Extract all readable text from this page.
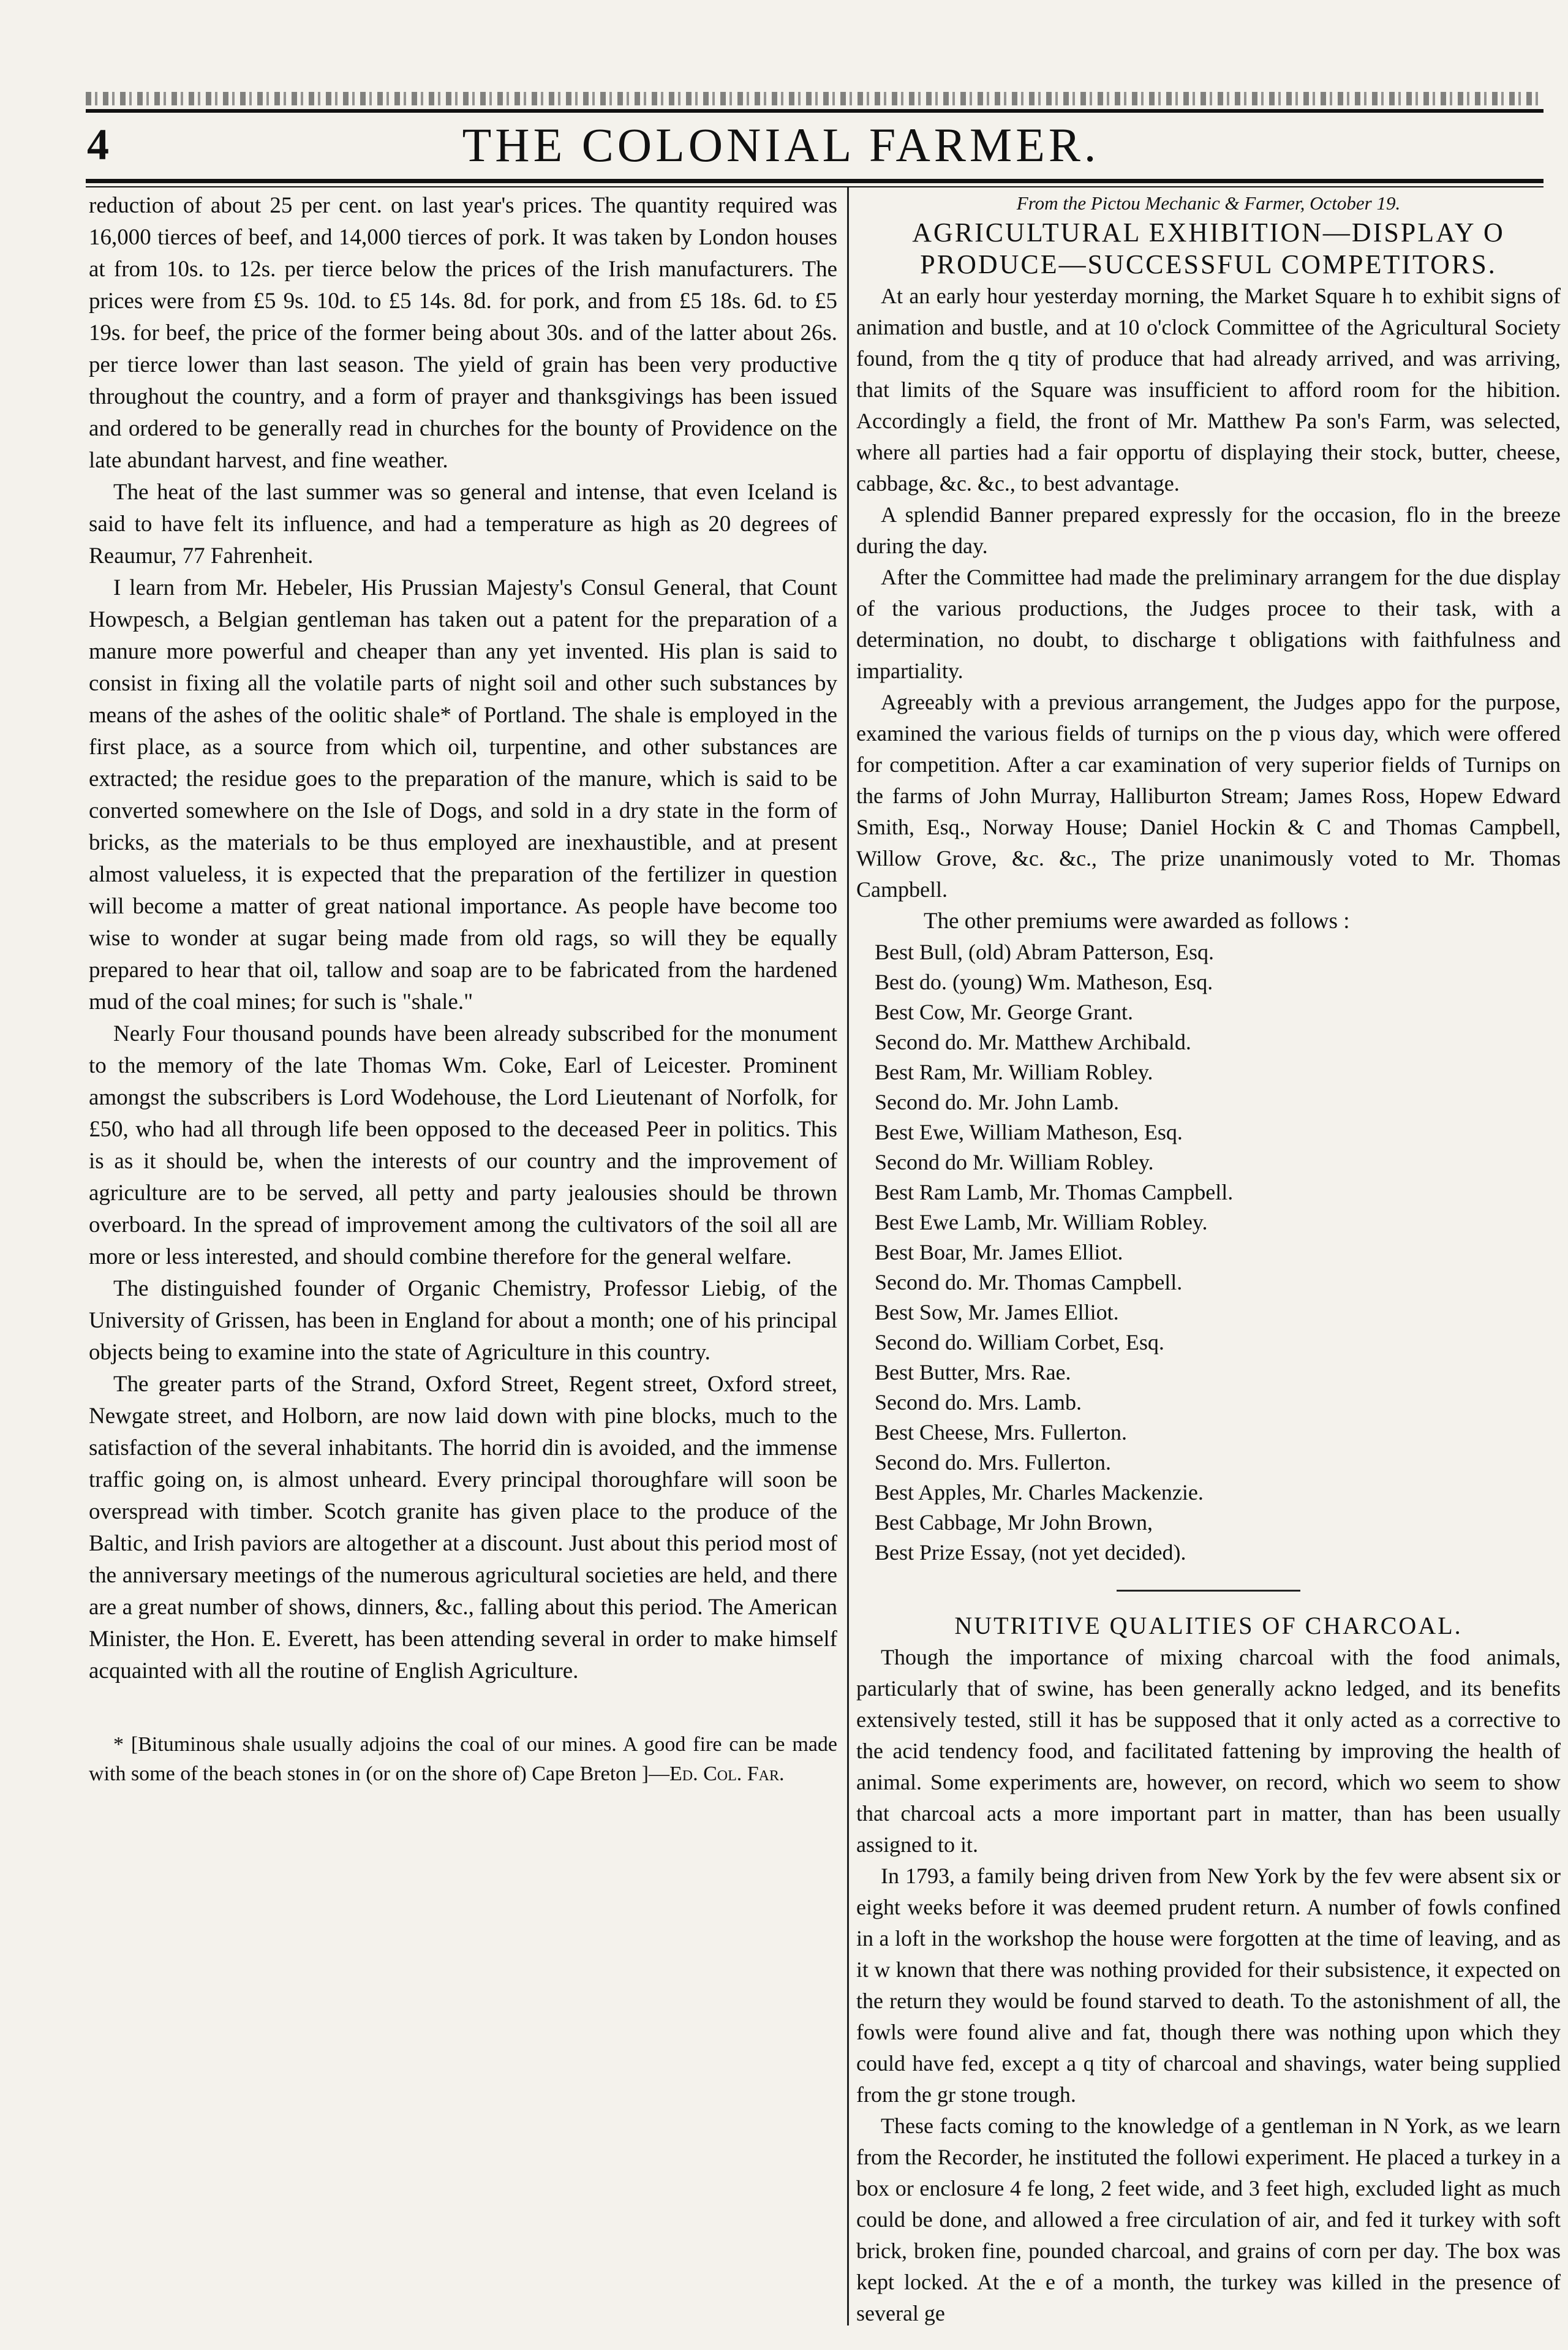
4	THE COLONIAL FARMER.

reduction of about 25 per cent. on last year's prices. The quantity required was 16,000 tierces of beef, and 14,000 tierces of pork. It was taken by London houses at from 10s. to 12s. per tierce below the prices of the Irish manufacturers. The prices were from £5 9s. 10d. to £5 14s. 8d. for pork, and from £5 18s. 6d. to £5 19s. for beef, the price of the former being about 30s. and of the latter about 26s. per tierce lower than last season. The yield of grain has been very productive throughout the country, and a form of prayer and thanksgivings has been issued and ordered to be generally read in churches for the bounty of Providence on the late abundant harvest, and fine weather.

The heat of the last summer was so general and intense, that even Iceland is said to have felt its influence, and had a temperature as high as 20 degrees of Reaumur, 77 Fahrenheit.

I learn from Mr. Hebeler, His Prussian Majesty's Consul General, that Count Howpesch, a Belgian gentleman has taken out a patent for the preparation of a manure more powerful and cheaper than any yet invented. His plan is said to consist in fixing all the volatile parts of night soil and other such substances by means of the ashes of the oolitic shale* of Portland. The shale is employed in the first place, as a source from which oil, turpentine, and other substances are extracted; the residue goes to the preparation of the manure, which is said to be converted somewhere on the Isle of Dogs, and sold in a dry state in the form of bricks, as the materials to be thus employed are inexhaustible, and at present almost valueless, it is expected that the preparation of the fertilizer in question will become a matter of great national importance. As people have become too wise to wonder at sugar being made from old rags, so will they be equally prepared to hear that oil, tallow and soap are to be fabricated from the hardened mud of the coal mines; for such is "shale."

Nearly Four thousand pounds have been already subscribed for the monument to the memory of the late Thomas Wm. Coke, Earl of Leicester. Prominent amongst the subscribers is Lord Wodehouse, the Lord Lieutenant of Norfolk, for £50, who had all through life been opposed to the deceased Peer in politics. This is as it should be, when the interests of our country and the improvement of agriculture are to be served, all petty and party jealousies should be thrown overboard. In the spread of improvement among the cultivators of the soil all are more or less interested, and should combine therefore for the general welfare.

The distinguished founder of Organic Chemistry, Professor Liebig, of the University of Grissen, has been in England for about a month; one of his principal objects being to examine into the state of Agriculture in this country.

The greater parts of the Strand, Oxford Street, Regent street, Oxford street, Newgate street, and Holborn, are now laid down with pine blocks, much to the satisfaction of the several inhabitants. The horrid din is avoided, and the immense traffic going on, is almost unheard. Every principal thoroughfare will soon be overspread with timber. Scotch granite has given place to the produce of the Baltic, and Irish paviors are altogether at a discount. Just about this period most of the anniversary meetings of the numerous agricultural societies are held, and there are a great number of shows, dinners, &c., falling about this period. The American Minister, the Hon. E. Everett, has been attending several in order to make himself acquainted with all the routine of English Agriculture.

* [Bituminous shale usually adjoins the coal of our mines. A good fire can be made with some of the beach stones in (or on the shore of) Cape Breton ]—Ed. Col. Far.

From the Pictou Mechanic & Farmer, October 19.
AGRICULTURAL EXHIBITION—DISPLAY O PRODUCE—SUCCESSFUL COMPETITORS.

At an early hour yesterday morning, the Market Square h to exhibit signs of animation and bustle, and at 10 o'clock Committee of the Agricultural Society found, from the q tity of produce that had already arrived, and was arriving, that limits of the Square was insufficient to afford room for the hibition. Accordingly a field, the front of Mr. Matthew Pa son's Farm, was selected, where all parties had a fair opportu of displaying their stock, butter, cheese, cabbage, &c. &c., to best advantage.

A splendid Banner prepared expressly for the occasion, flo in the breeze during the day.

After the Committee had made the preliminary arrangem for the due display of the various productions, the Judges procee to their task, with a determination, no doubt, to discharge t obligations with faithfulness and impartiality.

Agreeably with a previous arrangement, the Judges appo for the purpose, examined the various fields of turnips on the p vious day, which were offered for competition. After a car examination of very superior fields of Turnips on the farms of John Murray, Halliburton Stream; James Ross, Hopew Edward Smith, Esq., Norway House; Daniel Hockin & C and Thomas Campbell, Willow Grove, &c. &c., The prize unanimously voted to Mr. Thomas Campbell.

The other premiums were awarded as follows :
Best Bull, (old) Abram Patterson, Esq.
Best do. (young) Wm. Matheson, Esq.
Best Cow, Mr. George Grant.
Second do. Mr. Matthew Archibald.
Best Ram, Mr. William Robley.
Second do. Mr. John Lamb.
Best Ewe, William Matheson, Esq.
Second do Mr. William Robley.
Best Ram Lamb, Mr. Thomas Campbell.
Best Ewe Lamb, Mr. William Robley.
Best Boar, Mr. James Elliot.
Second do. Mr. Thomas Campbell.
Best Sow, Mr. James Elliot.
Second do. William Corbet, Esq.
Best Butter, Mrs. Rae.
Second do. Mrs. Lamb.
Best Cheese, Mrs. Fullerton.
Second do. Mrs. Fullerton.
Best Apples, Mr. Charles Mackenzie.
Best Cabbage, Mr John Brown,
Best Prize Essay, (not yet decided).
NUTRITIVE QUALITIES OF CHARCOAL.

Though the importance of mixing charcoal with the food animals, particularly that of swine, has been generally ackno ledged, and its benefits extensively tested, still it has be supposed that it only acted as a corrective to the acid tendency food, and facilitated fattening by improving the health of animal. Some experiments are, however, on record, which wo seem to show that charcoal acts a more important part in matter, than has been usually assigned to it.

In 1793, a family being driven from New York by the fev were absent six or eight weeks before it was deemed prudent return. A number of fowls confined in a loft in the workshop the house were forgotten at the time of leaving, and as it w known that there was nothing provided for their subsistence, it expected on the return they would be found starved to death. To the astonishment of all, the fowls were found alive and fat, though there was nothing upon which they could have fed, except a q tity of charcoal and shavings, water being supplied from the gr stone trough.

These facts coming to the knowledge of a gentleman in N York, as we learn from the Recorder, he instituted the followi experiment. He placed a turkey in a box or enclosure 4 fe long, 2 feet wide, and 3 feet high, excluded light as much could be done, and allowed a free circulation of air, and fed it turkey with soft brick, broken fine, pounded charcoal, and grains of corn per day. The box was kept locked. At the e of a month, the turkey was killed in the presence of several ge
